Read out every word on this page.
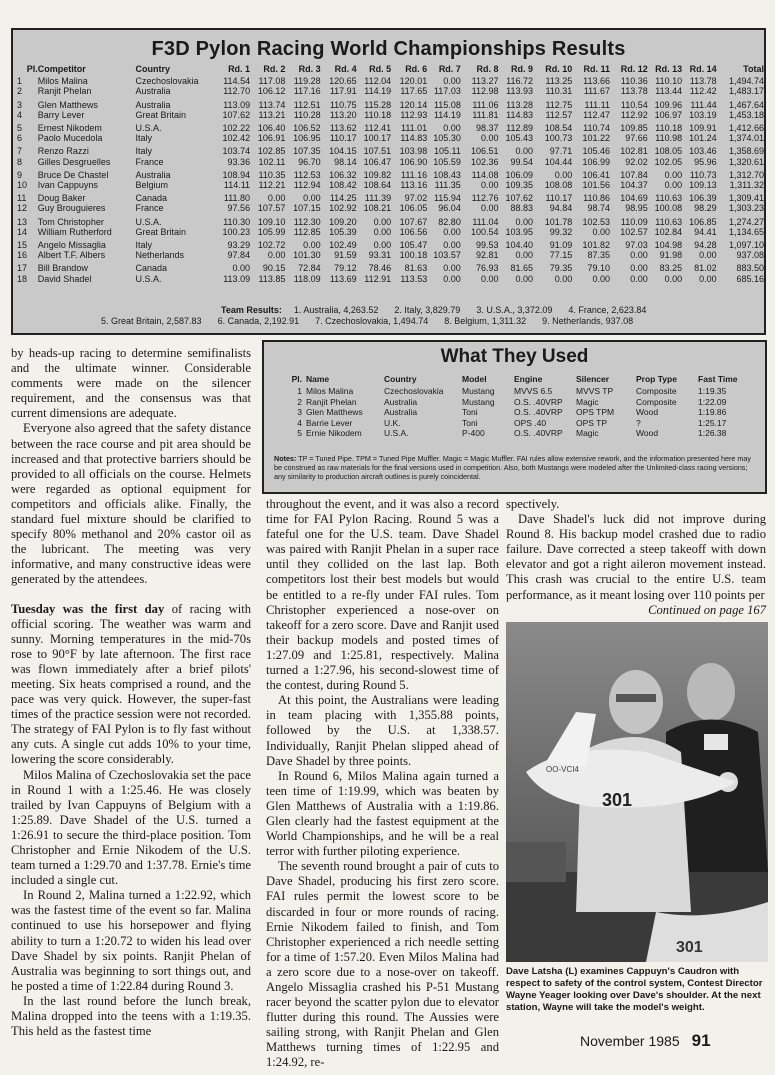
F3D Pylon Racing World Championships Results
Pl.	Competitor	Country	Rd. 1	Rd. 2	Rd. 3	Rd. 4	Rd. 5	Rd. 6	Rd. 7	Rd. 8	Rd. 9	Rd. 10	Rd. 11	Rd. 12	Rd. 13	Rd. 14	Total
1	Milos Malina	Czechoslovakia	114.54	117.08	119.28	120.65	112.04	120.01	0.00	113.27	116.72	113.25	113.66	110.36	110.10	113.78	1,494.74
2	Ranjit Phelan	Australia	112.70	106.12	117.16	117.91	114.19	117.65	117.03	112.98	113.93	110.31	111.67	113.78	113.44	112.42	1,483.17
3	Glen Matthews	Australia	113.09	113.74	112.51	110.75	115.28	120.14	115.08	111.06	113.28	112.75	111.11	110.54	109.96	111.44	1,467.64
4	Barry Lever	Great Britain	107.62	113.21	110.28	113.20	110.18	112.93	114.19	111.81	114.83	112.57	112.47	112.92	106.97	103.19	1,453.18
5	Ernest Nikodem	U.S.A.	102.22	106.40	106.52	113.62	112.41	111.01	0.00	98.37	112.89	108.54	110.74	109.85	110.18	109.91	1,412.66
6	Paolo Mucedola	Italy	102.42	106.91	106.95	110.17	100.17	114.83	105.30	0.00	105.43	100.73	101.22	97.66	110.98	101.24	1,374.01
7	Renzo Razzi	Italy	103.74	102.85	107.35	104.15	107.51	103.98	105.11	106.51	0.00	97.71	105.46	102.81	108.05	103.46	1,358.69
8	Gilles Desgruelles	France	93.36	102.11	96.70	98.14	106.47	106.90	105.59	102.36	99.54	104.44	106.99	92.02	102.05	95.96	1,320.61
9	Bruce De Chastel	Australia	108.94	110.35	112.53	106.32	109.82	111.16	108.43	114.08	106.09	0.00	106.41	107.84	0.00	110.73	1,312.70
10	Ivan Cappuyns	Belgium	114.11	112.21	112.94	108.42	108.64	113.16	111.35	0.00	109.35	108.08	101.56	104.37	0.00	109.13	1,311.32
11	Doug Baker	Canada	111.80	0.00	0.00	114.25	111.39	97.02	115.94	112.76	107.62	110.17	110.86	104.69	110.63	106.39	1,309.41
12	Guy Brouguieres	France	97.56	107.57	107.15	102.92	108.21	106.05	96.04	0.00	88.83	94.84	98.74	98.95	100.08	98.29	1,303.23
13	Tom Christopher	U.S.A.	110.30	109.10	112.30	109.20	0.00	107.67	82.80	111.04	0.00	101.78	102.53	110.09	110.63	106.85	1,274.27
14	William Rutherford	Great Britain	100.23	105.99	112.85	105.39	0.00	106.56	0.00	100.54	103.95	99.32	0.00	102.57	102.84	94.41	1,134.65
15	Angelo Missaglia	Italy	93.29	102.72	0.00	102.49	0.00	105.47	0.00	99.53	104.40	91.09	101.82	97.03	104.98	94.28	1,097.10
16	Albert T.F. Albers	Netherlands	97.84	0.00	101.30	91.59	93.31	100.18	103.57	92.81	0.00	77.15	87.35	0.00	91.98	0.00	937.08
17	Bill Brandow	Canada	0.00	90.15	72.84	79.12	78.46	81.63	0.00	76.93	81.65	79.35	79.10	0.00	83.25	81.02	883.50
18	David Shadel	U.S.A.	113.09	113.85	118.09	113.69	112.91	113.53	0.00	0.00	0.00	0.00	0.00	0.00	0.00	0.00	685.16
Team Results: 1. Australia, 4,263.52 2. Italy, 3,829.79 3. U.S.A., 3,372.09 4. France, 2,623.84
5. Great Britain, 2,587.83 6. Canada, 2,192.91 7. Czechoslovakia, 1,494.74 8. Belgium, 1,311.32 9. Netherlands, 937.08
What They Used
Pl.	Name	Country	Model	Engine	Silencer	Prop Type	Fast Time
1	Milos Malina	Czechoslovakia	Mustang	MVVS 6.5	MVVS TP	Composite	1:19.35
2	Ranjit Phelan	Australia	Mustang	O.S. .40VRP	Magic	Composite	1:22.09
3	Glen Matthews	Australia	Toni	O.S. .40VRP	OPS TPM	Wood	1:19.86
4	Barrie Lever	U.K.	Toni	OPS .40	OPS TP	?	1:25.17
5	Ernie Nikodem	U.S.A.	P-400	O.S. .40VRP	Magic	Wood	1:26.38
Notes: TP = Tuned Pipe. TPM = Tuned Pipe Muffler. Magic = Magic Muffler. FAI rules allow extensive rework, and the information presented here may be construed as raw materials for the final versions used in competition. Also, both Mustangs were modeled after the Unlimited-class racing versions; any similarity to production aircraft outlines is purely coincidental.

by heads-up racing to determine semifinalists and the ultimate winner. Considerable comments were made on the silencer requirement, and the consensus was that current dimensions are adequate.

Everyone also agreed that the safety distance between the race course and pit area should be increased and that protective barriers should be provided to all officials on the course. Helmets were regarded as optional equipment for competitors and officials alike. Finally, the standard fuel mixture should be clarified to specify 80% methanol and 20% castor oil as the lubricant. The meeting was very informative, and many constructive ideas were generated by the attendees.

Tuesday was the first day of racing with official scoring. The weather was warm and sunny. Morning temperatures in the mid-70s rose to 90°F by late afternoon. The first race was flown immediately after a brief pilots' meeting. Six heats comprised a round, and the pace was very quick. However, the super-fast times of the practice session were not recorded. The strategy of FAI Pylon is to fly fast without any cuts. A single cut adds 10% to your time, lowering the score considerably.

Milos Malina of Czechoslovakia set the pace in Round 1 with a 1:25.46. He was closely trailed by Ivan Cappuyns of Belgium with a 1:25.89. Dave Shadel of the U.S. turned a 1:26.91 to secure the third-place position. Tom Christopher and Ernie Nikodem of the U.S. team turned a 1:29.70 and 1:37.78. Ernie's time included a single cut.

In Round 2, Malina turned a 1:22.92, which was the fastest time of the event so far. Malina continued to use his horsepower and flying ability to turn a 1:20.72 to widen his lead over Dave Shadel by six points. Ranjit Phelan of Australia was beginning to sort things out, and he posted a time of 1:22.84 during Round 3.

In the last round before the lunch break, Malina dropped into the teens with a 1:19.35. This held as the fastest time

throughout the event, and it was also a record time for FAI Pylon Racing. Round 5 was a fateful one for the U.S. team. Dave Shadel was paired with Ranjit Phelan in a super race until they collided on the last lap. Both competitors lost their best models but would be entitled to a re-fly under FAI rules. Tom Christopher experienced a nose-over on takeoff for a zero score. Dave and Ranjit used their backup models and posted times of 1:27.09 and 1:25.81, respectively. Malina turned a 1:27.96, his second-slowest time of the contest, during Round 5.

At this point, the Australians were leading in team placing with 1,355.88 points, followed by the U.S. at 1,338.57. Individually, Ranjit Phelan slipped ahead of Dave Shadel by three points.

In Round 6, Milos Malina again turned a teen time of 1:19.99, which was beaten by Glen Matthews of Australia with a 1:19.86. Glen clearly had the fastest equipment at the World Championships, and he will be a real terror with further piloting experience.

The seventh round brought a pair of cuts to Dave Shadel, producing his first zero score. FAI rules permit the lowest score to be discarded in four or more rounds of racing. Ernie Nikodem failed to finish, and Tom Christopher experienced a rich needle setting for a time of 1:57.20. Even Milos Malina had a zero score due to a nose-over on takeoff. Angelo Missaglia crashed his P-51 Mustang racer beyond the scatter pylon due to elevator flutter during this round. The Aussies were sailing strong, with Ranjit Phelan and Glen Matthews turning times of 1:22.95 and 1:24.92, re-

spectively.

Dave Shadel's luck did not improve during Round 8. His backup model crashed due to radio failure. Dave corrected a steep takeoff with down elevator and got a right aileron movement instead. This crash was crucial to the entire U.S. team performance, as it meant losing over 110 points per

Continued on page 167

301
OO-VCI4
301
Dave Latsha (L) examines Cappuyn's Caudron with respect to safety of the control system, Contest Director Wayne Yeager looking over Dave's shoulder. At the next station, Wayne will take the model's weight.
November 1985 91
